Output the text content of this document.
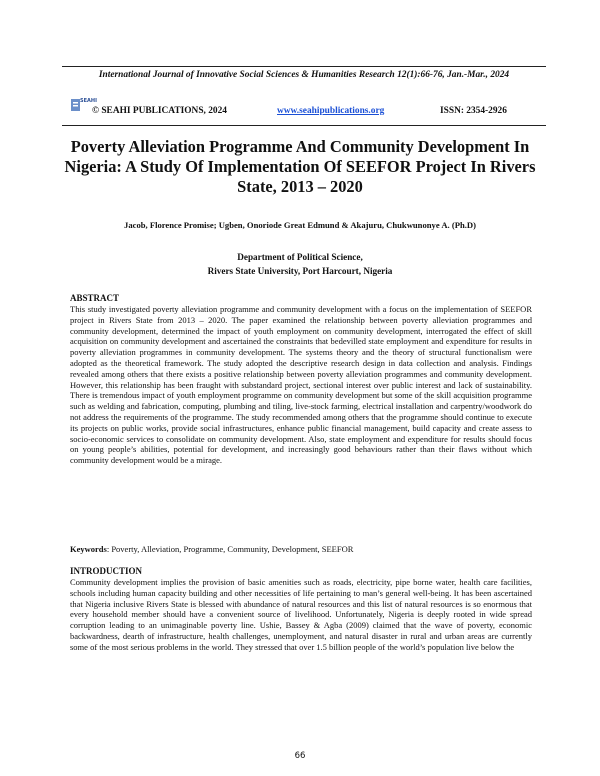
International Journal of Innovative Social Sciences & Humanities Research 12(1):66-76, Jan.-Mar., 2024
SEAHI
© SEAHI PUBLICATIONS, 2024	www.seahipublications.org	ISSN: 2354-2926
Poverty Alleviation Programme And Community Development In Nigeria: A Study Of Implementation Of SEEFOR Project In Rivers State, 2013 – 2020
Jacob, Florence Promise; Ugben, Onoriode Great Edmund & Akajuru, Chukwunonye A. (Ph.D)
Department of Political Science,
Rivers State University, Port Harcourt, Nigeria
ABSTRACT
This study investigated poverty alleviation programme and community development with a focus on the implementation of SEEFOR project in Rivers State from 2013 – 2020. The paper examined the relationship between poverty alleviation programmes and community development, determined the impact of youth employment on community development, interrogated the effect of skill acquisition on community development and ascertained the constraints that bedevilled state employment and expenditure for results in poverty alleviation programmes in community development. The systems theory and the theory of structural functionalism were adopted as the theoretical framework. The study adopted the descriptive research design in data collection and analysis. Findings revealed among others that there exists a positive relationship between poverty alleviation programmes and community development. However, this relationship has been fraught with substandard project, sectional interest over public interest and lack of sustainability. There is tremendous impact of youth employment programme on community development but some of the skill acquisition programme such as welding and fabrication, computing, plumbing and tiling, live-stock farming, electrical installation and carpentry/woodwork do not address the requirements of the programme. The study recommended among others that the programme should continue to execute its projects on public works, provide social infrastructures, enhance public financial management, build capacity and create assess to socio-economic services to consolidate on community development. Also, state employment and expenditure for results should focus on young people’s abilities, potential for development, and increasingly good behaviours rather than their flaws without which community development would be a mirage.
Keywords: Poverty, Alleviation, Programme, Community, Development, SEEFOR
INTRODUCTION
Community development implies the provision of basic amenities such as roads, electricity, pipe borne water, health care facilities, schools including human capacity building and other necessities of life pertaining to man’s general well-being. It has been ascertained that Nigeria inclusive Rivers State is blessed with abundance of natural resources and this list of natural resources is so enormous that every household member should have a convenient source of livelihood. Unfortunately, Nigeria is deeply rooted in wide spread corruption leading to an unimaginable poverty line. Ushie, Bassey & Agba (2009) claimed that the wave of poverty, economic backwardness, dearth of infrastructure, health challenges, unemployment, and natural disaster in rural and urban areas are currently some of the most serious problems in the world. They stressed that over 1.5 billion people of the world’s population live below the
66
